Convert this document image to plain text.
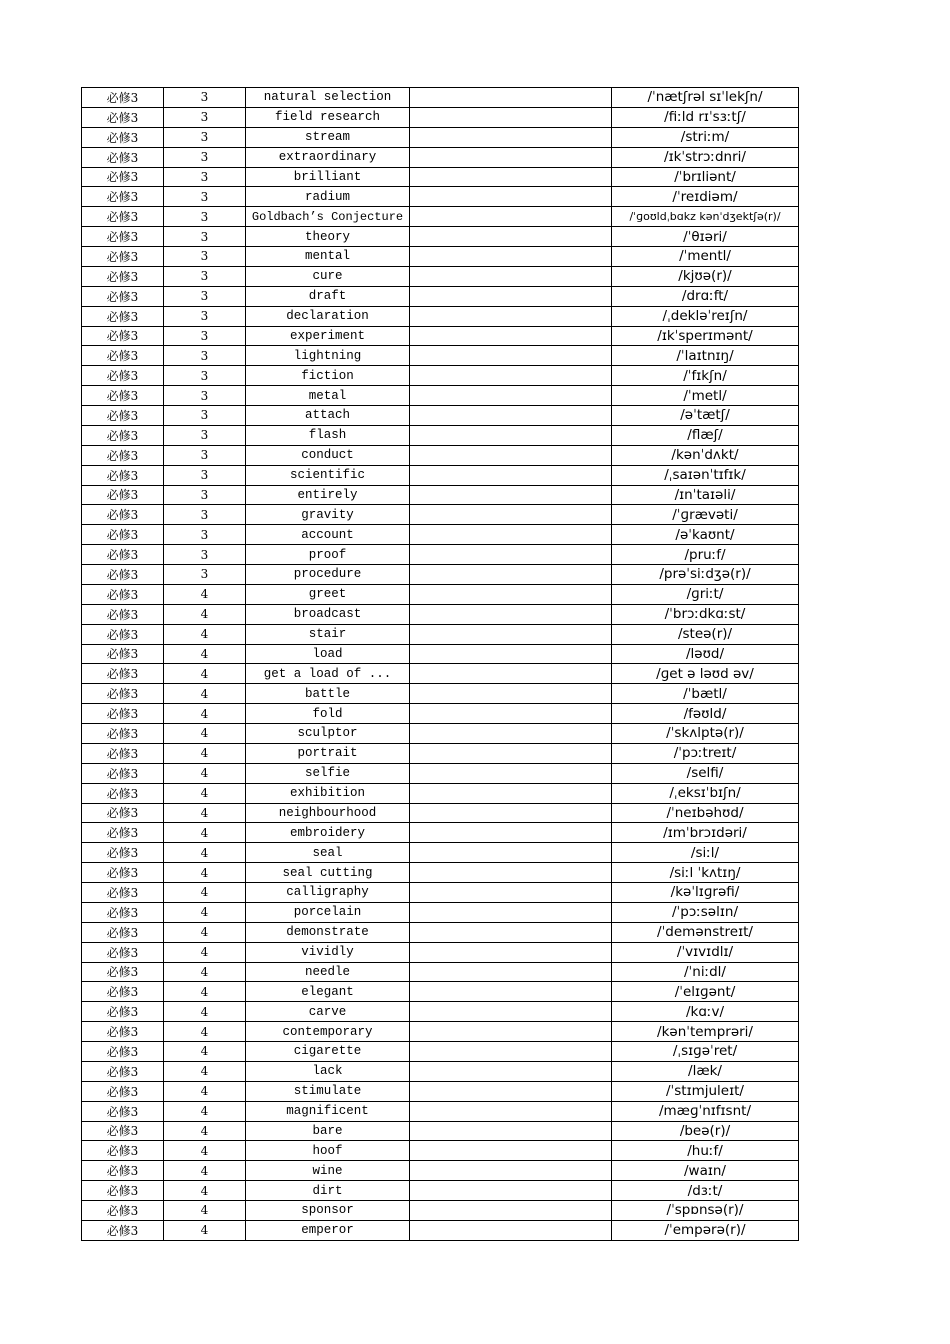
必修3	3	natural selection		/ˈnætʃrəl sɪˈlekʃn/
必修3	3	field research		/fiːld rɪˈsɜːtʃ/
必修3	3	stream		/striːm/
必修3	3	extraordinary		/ɪkˈstrɔːdnri/
必修3	3	brilliant		/ˈbrɪliənt/
必修3	3	radium		/ˈreɪdiəm/
必修3	3	Goldbach’s Conjecture		/ˈɡoʊldˌbɑkz kənˈdʒektʃə(r)/
必修3	3	theory		/ˈθɪəri/
必修3	3	mental		/ˈmentl/
必修3	3	cure		/kjʊə(r)/
必修3	3	draft		/drɑːft/
必修3	3	declaration		/ˌdekləˈreɪʃn/
必修3	3	experiment		/ɪkˈsperɪmənt/
必修3	3	lightning		/ˈlaɪtnɪŋ/
必修3	3	fiction		/ˈfɪkʃn/
必修3	3	metal		/ˈmetl/
必修3	3	attach		/əˈtætʃ/
必修3	3	flash		/flæʃ/
必修3	3	conduct		/kənˈdʌkt/
必修3	3	scientific		/ˌsaɪənˈtɪfɪk/
必修3	3	entirely		/ɪnˈtaɪəli/
必修3	3	gravity		/ˈɡrævəti/
必修3	3	account		/əˈkaʊnt/
必修3	3	proof		/pruːf/
必修3	3	procedure		/prəˈsiːdʒə(r)/
必修3	4	greet		/ɡriːt/
必修3	4	broadcast		/ˈbrɔːdkɑːst/
必修3	4	stair		/steə(r)/
必修3	4	load		/ləʊd/
必修3	4	get a load of ...		/ɡet ə ləʊd əv/
必修3	4	battle		/ˈbætl/
必修3	4	fold		/fəʊld/
必修3	4	sculptor		/ˈskʌlptə(r)/
必修3	4	portrait		/ˈpɔːtreɪt/
必修3	4	selfie		/selfi/
必修3	4	exhibition		/ˌeksɪˈbɪʃn/
必修3	4	neighbourhood		/ˈneɪbəhʊd/
必修3	4	embroidery		/ɪmˈbrɔɪdəri/
必修3	4	seal		/siːl/
必修3	4	seal cutting		/siːl ˈkʌtɪŋ/
必修3	4	calligraphy		/kəˈlɪɡrəfi/
必修3	4	porcelain		/ˈpɔːsəlɪn/
必修3	4	demonstrate		/ˈdemənstreɪt/
必修3	4	vividly		/ˈvɪvɪdlɪ/
必修3	4	needle		/ˈniːdl/
必修3	4	elegant		/ˈelɪɡənt/
必修3	4	carve		/kɑːv/
必修3	4	contemporary		/kənˈtemprəri/
必修3	4	cigarette		/ˌsɪɡəˈret/
必修3	4	lack		/læk/
必修3	4	stimulate		/ˈstɪmjuleɪt/
必修3	4	magnificent		/mæɡˈnɪfɪsnt/
必修3	4	bare		/beə(r)/
必修3	4	hoof		/huːf/
必修3	4	wine		/waɪn/
必修3	4	dirt		/dɜːt/
必修3	4	sponsor		/ˈspɒnsə(r)/
必修3	4	emperor		/ˈempərə(r)/
